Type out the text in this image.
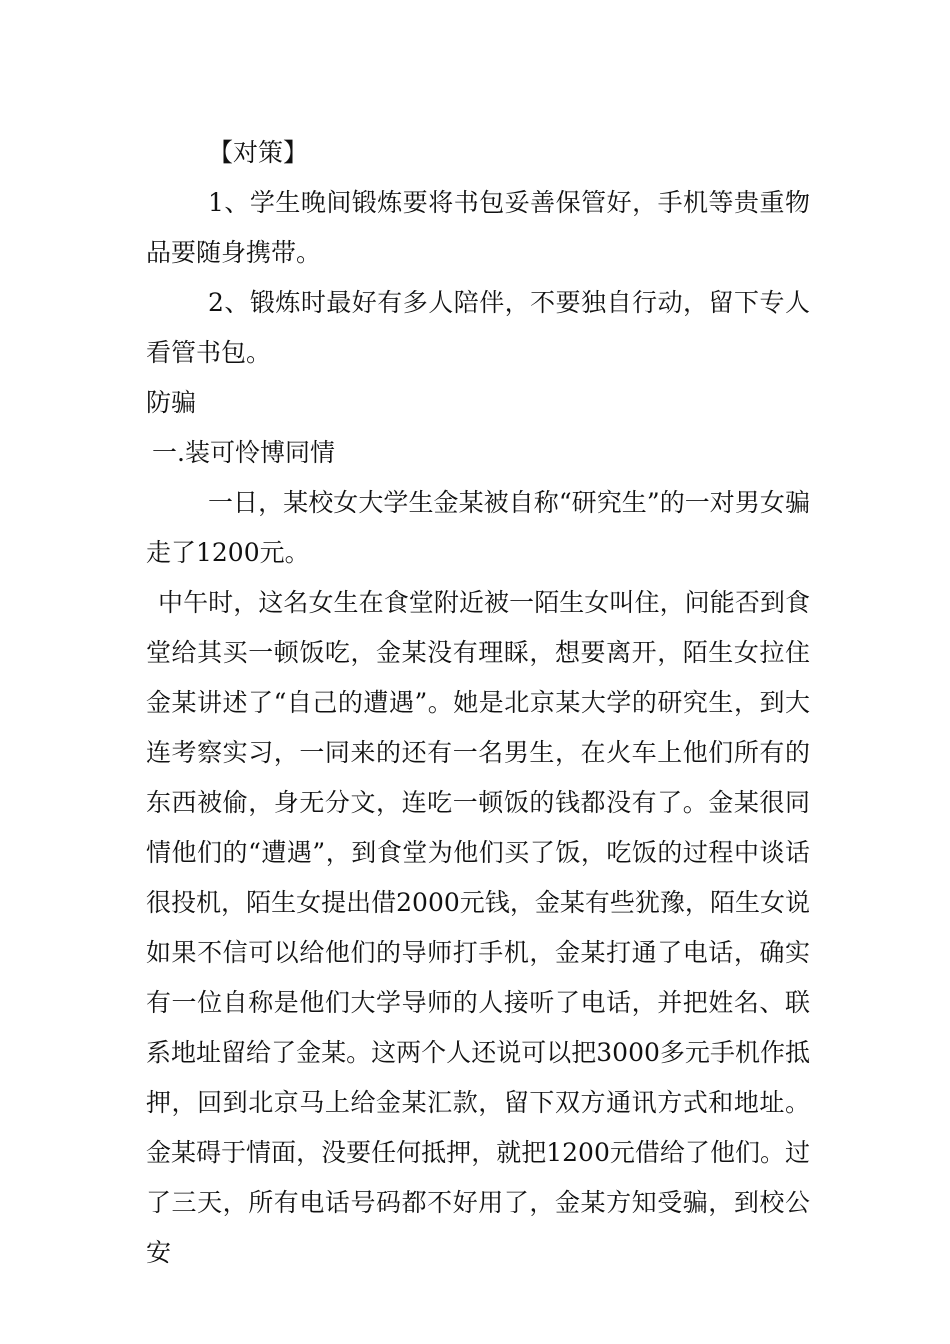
【对策】

1、学生晚间锻炼要将书包妥善保管好，手机等贵重物品要随身携带。

2、锻炼时最好有多人陪伴，不要独自行动，留下专人看管书包。

防骗

一.装可怜博同情

一日，某校女大学生金某被自称“研究生”的一对男女骗走了1200元。

中午时，这名女生在食堂附近被一陌生女叫住，问能否到食堂给其买一顿饭吃，金某没有理睬，想要离开，陌生女拉住金某讲述了“自己的遭遇”。她是北京某大学的研究生，到大连考察实习，一同来的还有一名男生，在火车上他们所有的东西被偷，身无分文，连吃一顿饭的钱都没有了。金某很同情他们的“遭遇”，到食堂为他们买了饭，吃饭的过程中谈话很投机，陌生女提出借2000元钱，金某有些犹豫，陌生女说如果不信可以给他们的导师打手机，金某打通了电话，确实有一位自称是他们大学导师的人接听了电话，并把姓名、联系地址留给了金某。这两个人还说可以把3000多元手机作抵押，回到北京马上给金某汇款，留下双方通讯方式和地址。金某碍于情面，没要任何抵押，就把1200元借给了他们。过了三天，所有电话号码都不好用了，金某方知受骗，到校公安
